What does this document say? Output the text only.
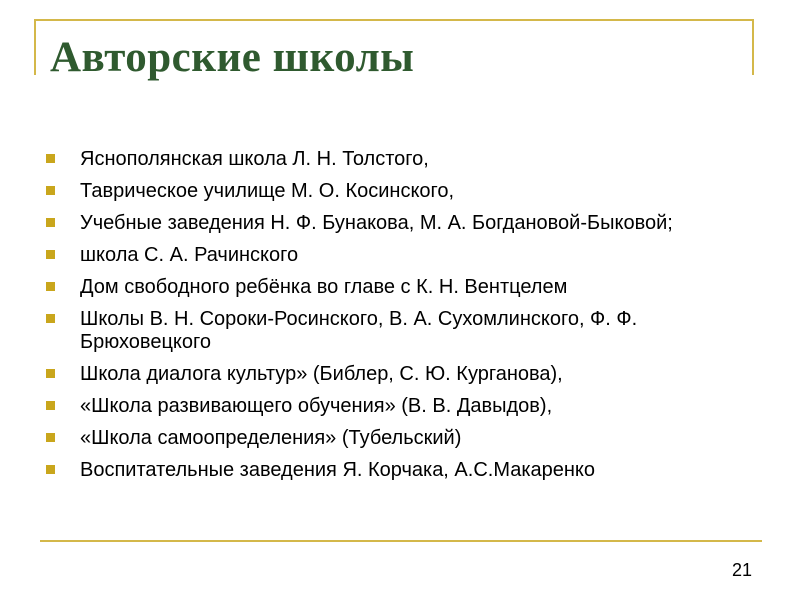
Авторские школы
Яснополянская школа Л. Н. Толстого,
Таврическое училище М. О. Косинского,
Учебные заведения Н. Ф. Бунакова, М. А. Богдановой-Быковой;
школа С. А. Рачинского
Дом свободного ребёнка во главе с К. Н. Вентцелем
Школы В. Н. Сороки-Росинского, В. А. Сухомлинского, Ф. Ф. Брюховецкого
Школа диалога культур» (Библер, С. Ю. Курганова),
«Школа развивающего обучения» (В. В. Давыдов),
«Школа самоопределения» (Тубельский)
Воспитательные заведения Я. Корчака, А.С.Макаренко
21
